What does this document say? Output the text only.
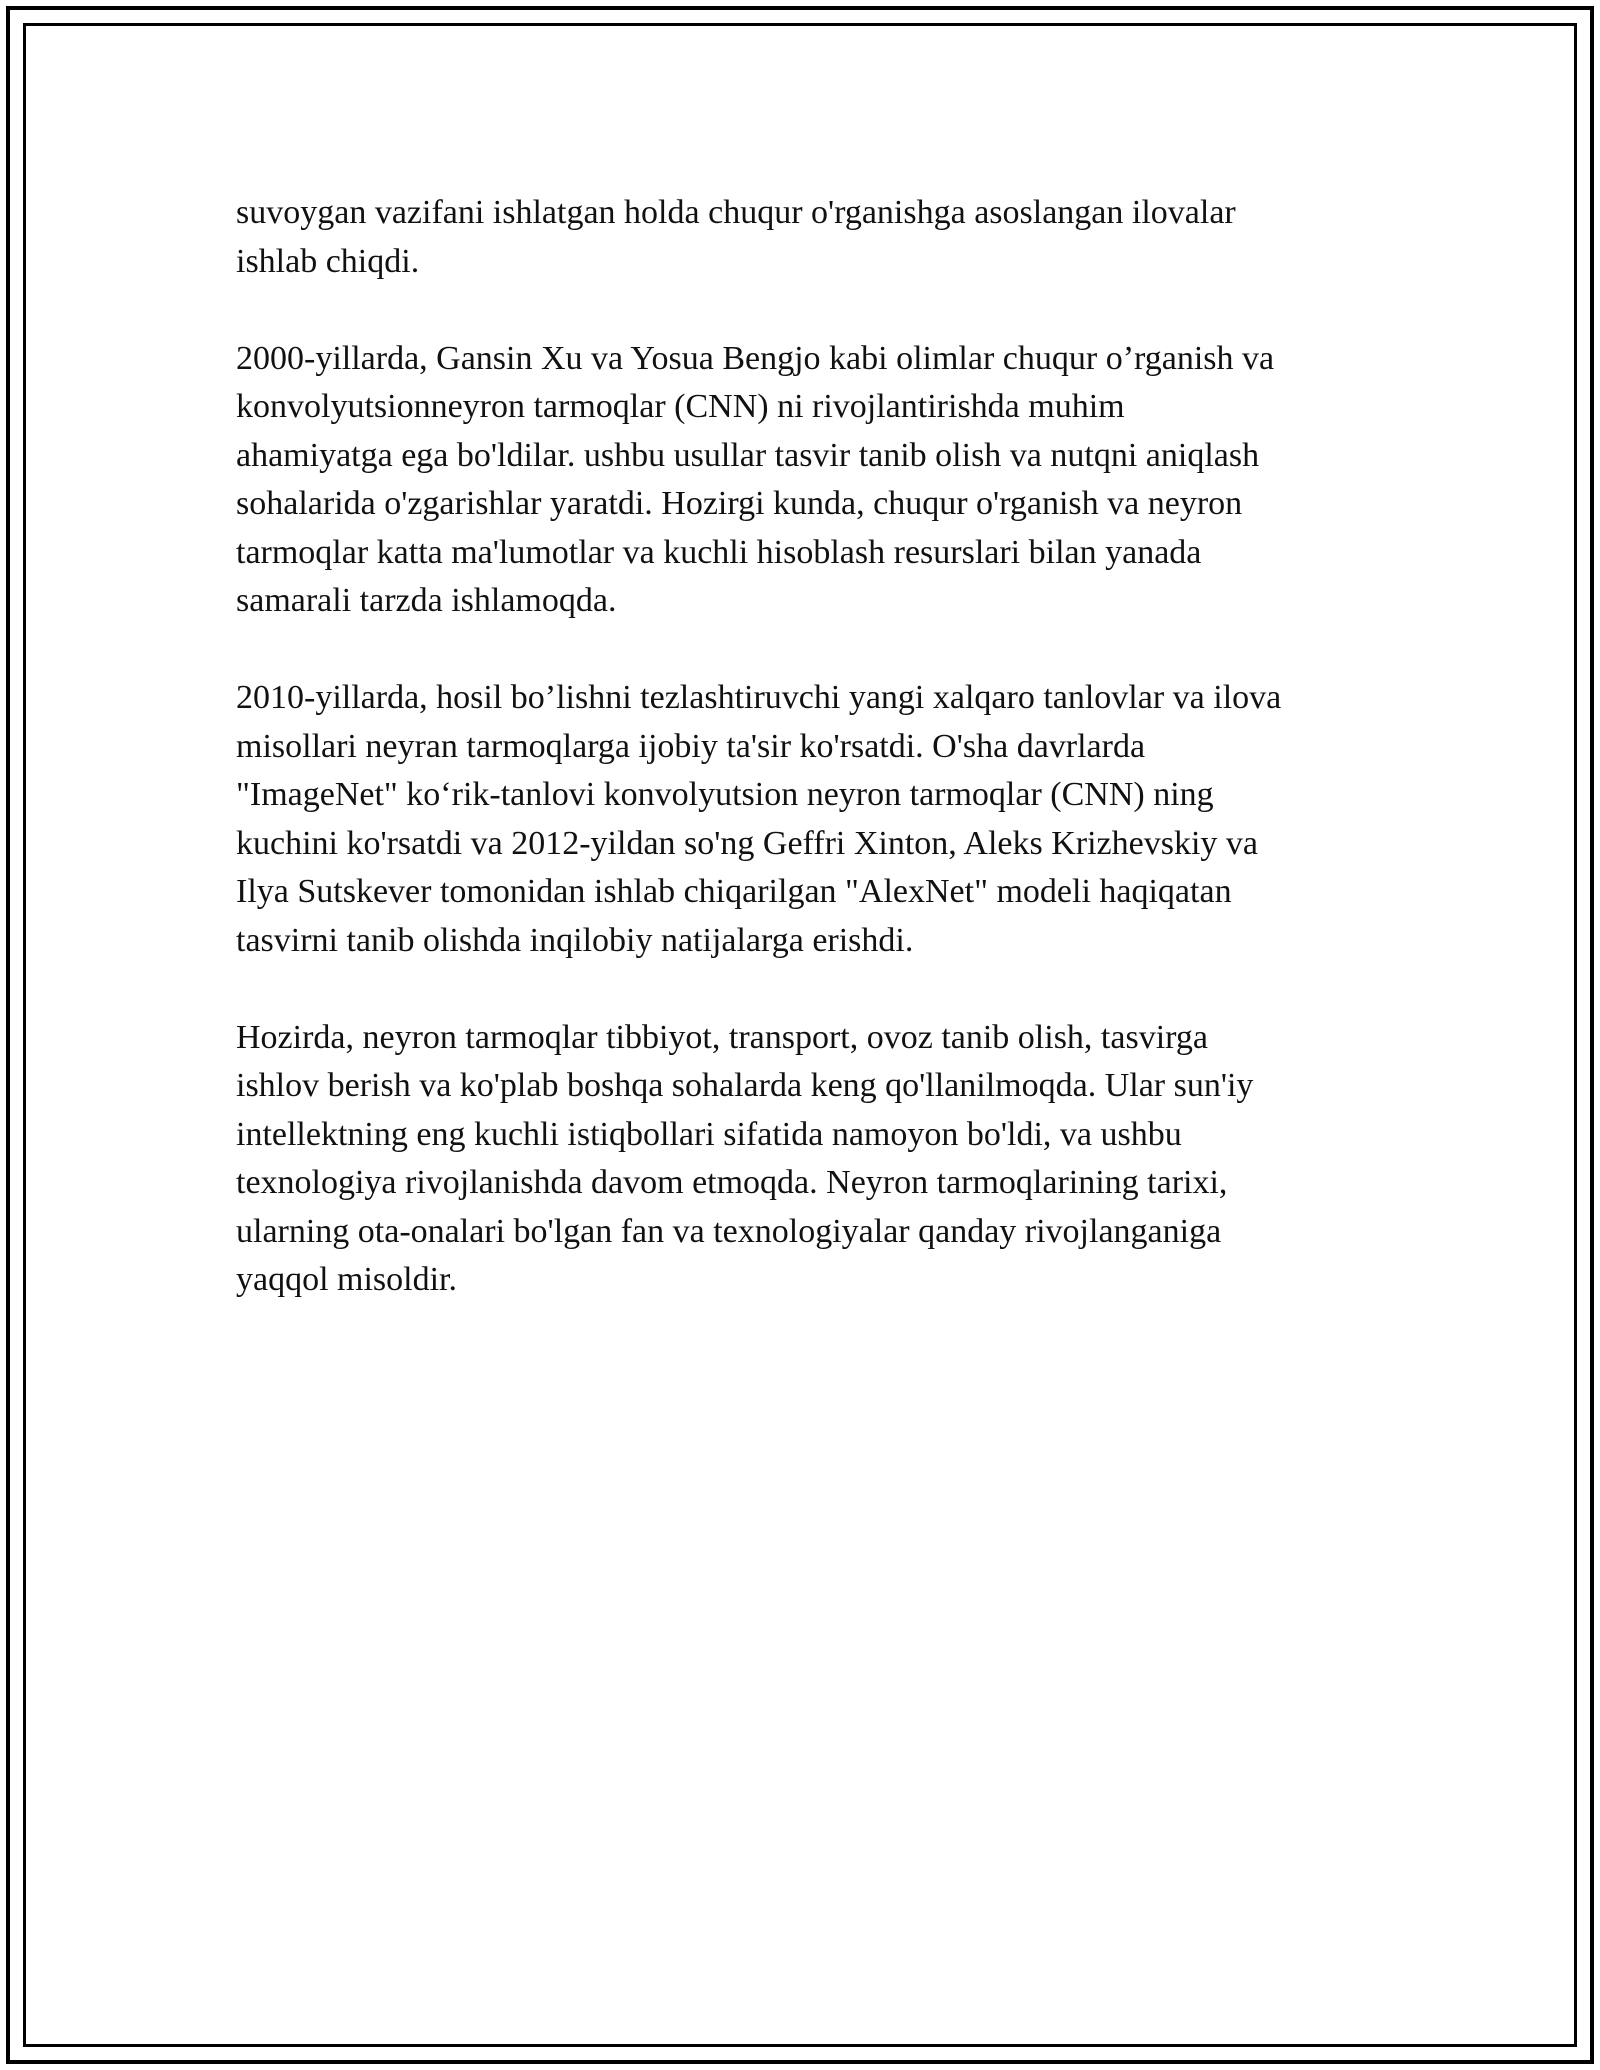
suvoygan vazifani ishlatgan holda chuqur o'rganishga asoslangan ilovalar
ishlab chiqdi.

2000-yillarda, Gansin Xu va Yosua Bengjo kabi olimlar chuqur o’rganish va
konvolyutsionneyron tarmoqlar (CNN) ni rivojlantirishda muhim
ahamiyatga ega bo'ldilar. ushbu usullar tasvir tanib olish va nutqni aniqlash
sohalarida o'zgarishlar yaratdi. Hozirgi kunda, chuqur o'rganish va neyron
tarmoqlar katta ma'lumotlar va kuchli hisoblash resurslari bilan yanada
samarali tarzda ishlamoqda.

2010-yillarda, hosil bo’lishni tezlashtiruvchi yangi xalqaro tanlovlar va ilova
misollari neyran tarmoqlarga ijobiy ta'sir ko'rsatdi. O'sha davrlarda
"ImageNet" ko‘rik-tanlovi konvolyutsion neyron tarmoqlar (CNN) ning
kuchini ko'rsatdi va 2012-yildan so'ng Geffri Xinton, Aleks Krizhevskiy va
Ilya Sutskever tomonidan ishlab chiqarilgan "AlexNet" modeli haqiqatan
tasvirni tanib olishda inqilobiy natijalarga erishdi.

Hozirda, neyron tarmoqlar tibbiyot, transport, ovoz tanib olish, tasvirga
ishlov berish va ko'plab boshqa sohalarda keng qo'llanilmoqda. Ular sun'iy
intellektning eng kuchli istiqbollari sifatida namoyon bo'ldi, va ushbu
texnologiya rivojlanishda davom etmoqda. Neyron tarmoqlarining tarixi,
ularning ota-onalari bo'lgan fan va texnologiyalar qanday rivojlanganiga
yaqqol misoldir.
